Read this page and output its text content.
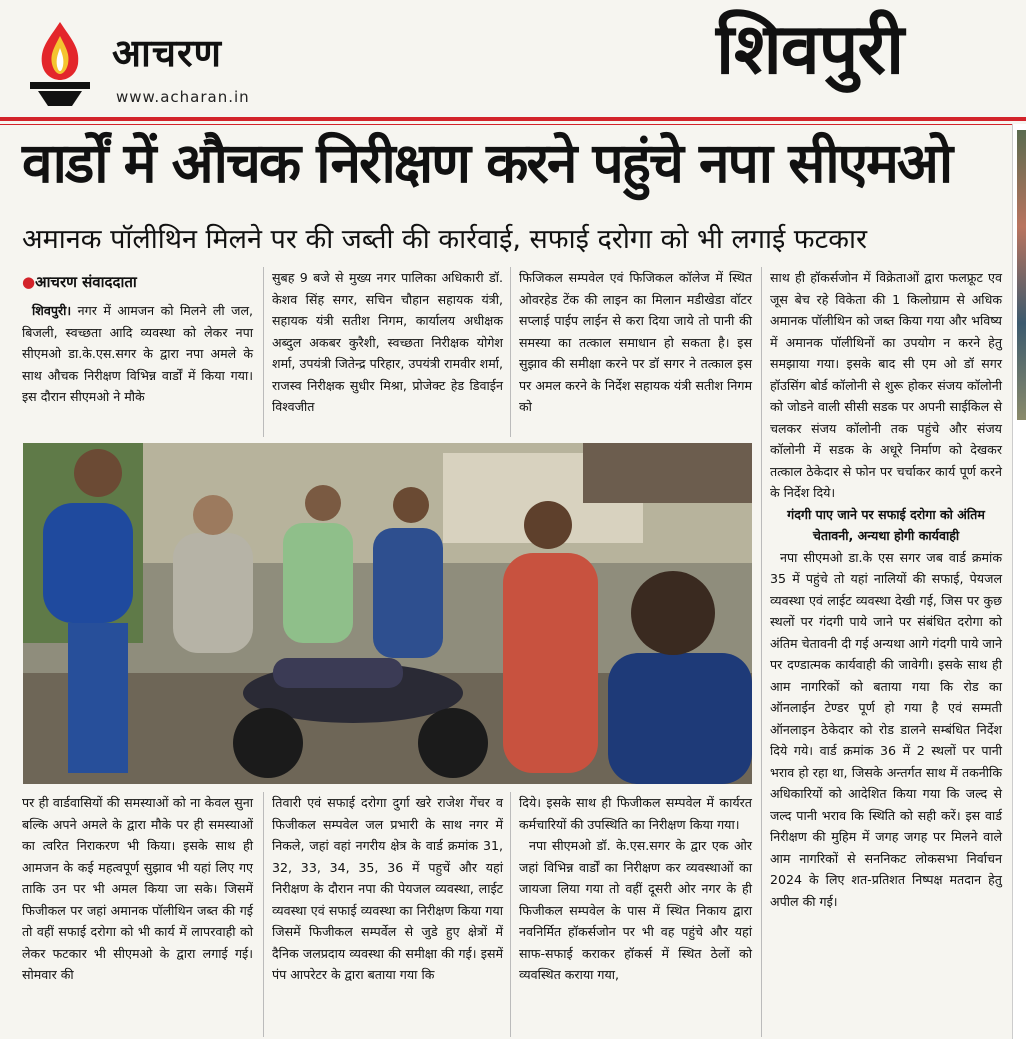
आचरण
www.acharan.in
शिवपुरी
वार्डों में औचक निरीक्षण करने पहुंचे नपा सीएमओ
अमानक पॉलीथिन मिलने पर की जब्ती की कार्रवाई, सफाई दरोगा को भी लगाई फटकार
●आचरण संवाददाता

शिवपुरी। नगर में आमजन को मिलने ली जल, बिजली, स्वच्छता आदि व्यवस्था को लेकर नपा सीएमओ डा.के.एस.सगर के द्वारा नपा अमले के साथ औचक निरीक्षण विभिन्न वार्डों में किया गया। इस दौरान सीएमओ ने मौके

सुबह 9 बजे से मुख्य नगर पालिका अधिकारी डॉ. केशव सिंह सगर, सचिन चौहान सहायक यंत्री, सहायक यंत्री सतीश निगम, कार्यालय अधीक्षक अब्दुल अकबर कुरैशी, स्वच्छता निरीक्षक योगेश शर्मा, उपयंत्री जितेन्द्र परिहार, उपयंत्री रामवीर शर्मा, राजस्व निरीक्षक सुधीर मिश्रा, प्रोजेक्ट हेड डिवाईन विश्वजीत

फिजिकल सम्पवेल एवं फिजिकल कॉलेज में स्थित ओवरहेड टेंक की लाइन का मिलान मडीखेडा वॉटर सप्लाई पाईप लाईन से करा दिया जाये तो पानी की समस्या का तत्काल समाधान हो सकता है। इस सुझाव की समीक्षा करने पर डॉ सगर ने तत्काल इस पर अमल करने के निर्देश सहायक यंत्री सतीश निगम को

साथ ही हॉकर्सजोन में विक्रेताओं द्वारा फलफ्रूट एव जूस बेच रहे विकेता की 1 किलोग्राम से अधिक अमानक पॉलीथिन को जब्त किया गया और भविष्य में अमानक पॉलीथिनों का उपयोग न करने हेतु समझाया गया। इसके बाद सी एम ओ डॉ सगर हॉउसिंग बोर्ड कॉलोनी से शुरू होकर संजय कॉलोनी को जोडने वाली सीसी सडक पर अपनी साईकिल से चलकर संजय कॉलोनी तक पहुंचे और संजय कॉलोनी में सडक के अधूरे निर्माण को देखकर तत्काल ठेकेदार से फोन पर चर्चाकर कार्य पूर्ण करने के निर्देश दिये।

गंदगी पाए जाने पर सफाई दरोगा को अंतिम चेतावनी, अन्यथा होगी कार्यवाही

नपा सीएमओ डा.के एस सगर जब वार्ड क्रमांक 35 में पहुंचे तो यहां नालियों की सफाई, पेयजल व्यवस्था एवं लाईट व्यवस्था देखी गई, जिस पर कुछ स्थलों पर गंदगी पाये जाने पर संबंधित दरोगा को अंतिम चेतावनी दी गई अन्यथा आगे गंदगी पाये जाने पर दण्डात्मक कार्यवाही की जावेगी। इसके साथ ही आम नागरिकों को बताया गया कि रोड का ऑनलाईन टेण्डर पूर्ण हो गया है एवं सम्मती ऑनलाइन ठेकेदार को रोड डालने सम्बंधित निर्देश दिये गये। वार्ड क्रमांक 36 में 2 स्थलों पर पानी भराव हो रहा था, जिसके अन्तर्गत साथ में तकनीकि अधिकारियों को आदेशित किया गया कि जल्द से जल्द पानी भराव कि स्थिति को सही करें। इस वार्ड निरीक्षण की मुहिम में जगह जगह पर मिलने वाले आम नागरिकों से सननिकट लोकसभा निर्वाचन 2024 के लिए शत-प्रतिशत निष्पक्ष मतदान हेतु अपील की गई।

पर ही वार्डवासियों की समस्याओं को ना केवल सुना बल्कि अपने अमले के द्वारा मौके पर ही समस्याओं का त्वरित निराकरण भी किया। इसके साथ ही आमजन के कई महत्वपूर्ण सुझाव भी यहां लिए गए ताकि उन पर भी अमल किया जा सके। जिसमें फिजीकल पर जहां अमानक पॉलीथिन जब्त की गई तो वहीं सफाई दरोगा को भी कार्य में लापरवाही को लेकर फटकार भी सीएमओ के द्वारा लगाई गई। सोमवार की

तिवारी एवं सफाई दरोगा दुर्गा खरे राजेश गेंचर व फिजीकल सम्पवेल जल प्रभारी के साथ नगर में निकले, जहां वहां नगरीय क्षेत्र के वार्ड क्रमांक 31, 32, 33, 34, 35, 36 में पहुचें और यहां निरीक्षण के दौरान नपा की पेयजल व्यवस्था, लाईट व्यवस्था एवं सफाई व्यवस्था का निरीक्षण किया गया जिसमें फिजीकल सम्पर्वेल से जुडे हुए क्षेत्रों में दैनिक जलप्रदाय व्यवस्था की समीक्षा की गई। इसमें पंप आपरेटर के द्वारा बताया गया कि

दिये। इसके साथ ही फिजीकल सम्पवेल में कार्यरत कर्मचारियों की उपस्थिति का निरीक्षण किया गया।

नपा सीएमओ डॉ. के.एस.सगर के द्वार एक ओर जहां विभिन्न वार्डों का निरीक्षण कर व्यवस्थाओं का जायजा लिया गया तो वहीं दूसरी ओर नगर के ही फिजीकल सम्पवेल के पास में स्थित निकाय द्वारा नवनिर्मित हॉकर्सजोन पर भी वह पहुंचे और यहां साफ-सफाई कराकर हॉकर्स में स्थित ठेलों को व्यवस्थित कराया गया,
